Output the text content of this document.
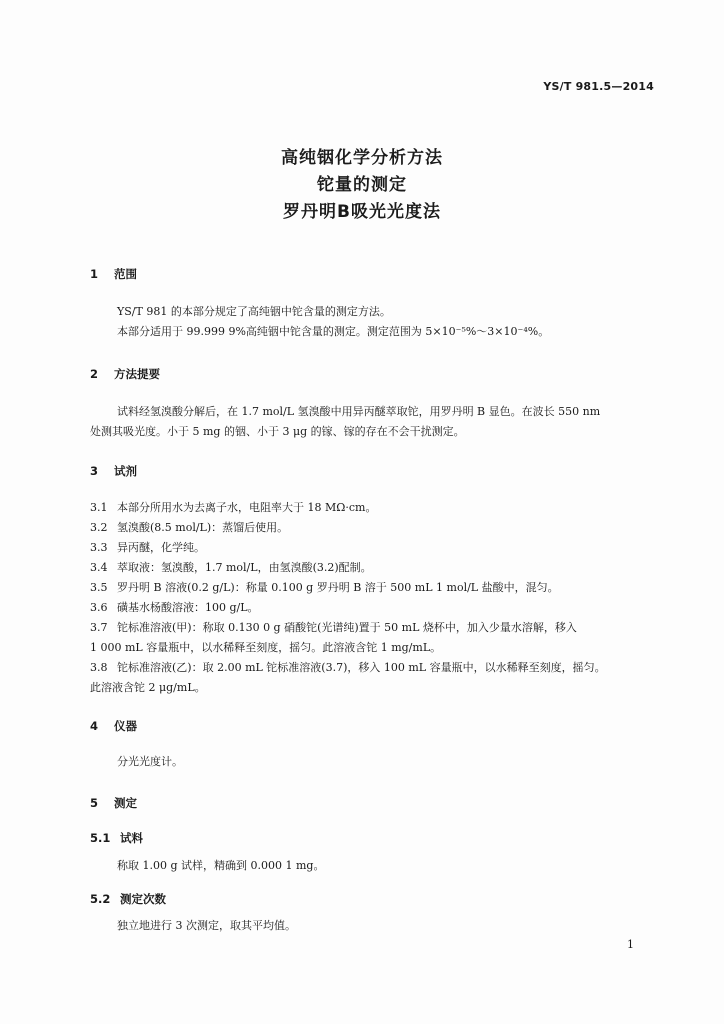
YS/T 981.5—2014
高纯铟化学分析方法
铊量的测定
罗丹明B吸光光度法
1 范围
YS/T 981 的本部分规定了高纯铟中铊含量的测定方法。
本部分适用于 99.999 9%高纯铟中铊含量的测定。测定范围为 5×10⁻⁵%～3×10⁻⁴%。
2 方法提要
试料经氢溴酸分解后，在 1.7 mol/L 氢溴酸中用异丙醚萃取铊，用罗丹明 B 显色。在波长 550 nm
处测其吸光度。小于 5 mg 的铟、小于 3 μg 的镓、镓的存在不会干扰测定。
3 试剂
3.1 本部分所用水为去离子水，电阻率大于 18 MΩ·cm。
3.2 氢溴酸(8.5 mol/L)：蒸馏后使用。
3.3 异丙醚，化学纯。
3.4 萃取液：氢溴酸，1.7 mol/L，由氢溴酸(3.2)配制。
3.5 罗丹明 B 溶液(0.2 g/L)：称量 0.100 g 罗丹明 B 溶于 500 mL 1 mol/L 盐酸中，混匀。
3.6 磺基水杨酸溶液：100 g/L。
3.7 铊标准溶液(甲)：称取 0.130 0 g 硝酸铊(光谱纯)置于 50 mL 烧杯中，加入少量水溶解，移入
1 000 mL 容量瓶中，以水稀释至刻度，摇匀。此溶液含铊 1 mg/mL。
3.8 铊标准溶液(乙)：取 2.00 mL 铊标准溶液(3.7)，移入 100 mL 容量瓶中，以水稀释至刻度，摇匀。
此溶液含铊 2 μg/mL。
4 仪器
分光光度计。
5 测定
5.1 试料
称取 1.00 g 试样，精确到 0.000 1 mg。
5.2 测定次数
独立地进行 3 次测定，取其平均值。
1
